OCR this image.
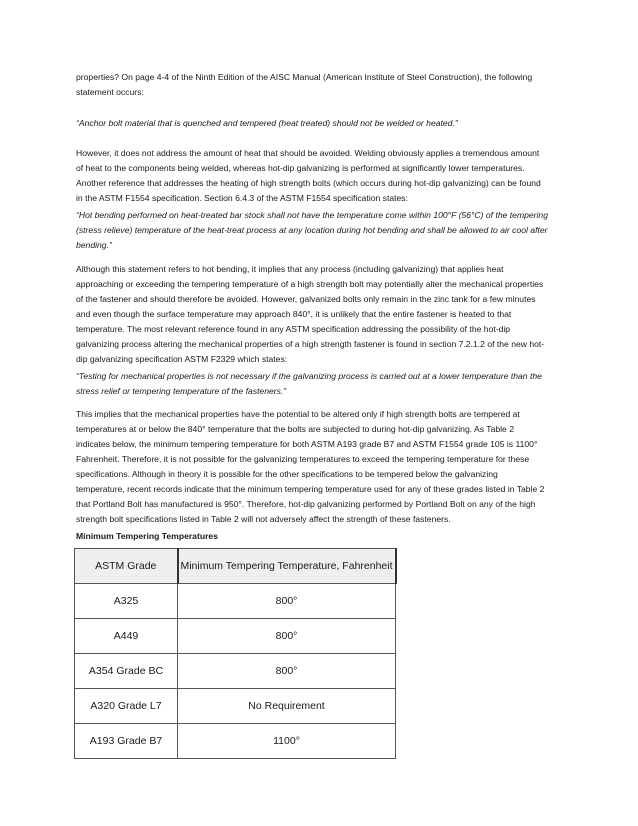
properties? On page 4-4 of the Ninth Edition of the AISC Manual (American Institute of Steel Construction), the following
statement occurs:

“Anchor bolt material that is quenched and tempered (heat treated) should not be welded or heated.”

However, it does not address the amount of heat that should be avoided. Welding obviously applies a tremendous amount
of heat to the components being welded, whereas hot-dip galvanizing is performed at significantly lower temperatures.
Another reference that addresses the heating of high strength bolts (which occurs during hot-dip galvanizing) can be found
in the ASTM F1554 specification. Section 6.4.3 of the ASTM F1554 specification states:

“Hot bending performed on heat-treated bar stock shall not have the temperature come within 100°F (56°C) of the tempering
(stress relieve) temperature of the heat-treat process at any location during hot bending and shall be allowed to air cool after
bending.”

Although this statement refers to hot bending, it implies that any process (including galvanizing) that applies heat
approaching or exceeding the tempering temperature of a high strength bolt may potentially alter the mechanical properties
of the fastener and should therefore be avoided. However, galvanized bolts only remain in the zinc tank for a few minutes
and even though the surface temperature may approach 840°, it is unlikely that the entire fastener is heated to that
temperature. The most relevant reference found in any ASTM specification addressing the possibility of the hot-dip
galvanizing process altering the mechanical properties of a high strength fastener is found in section 7.2.1.2 of the new hot-
dip galvanizing specification ASTM F2329 which states:

“Testing for mechanical properties is not necessary if the galvanizing process is carried out at a lower temperature than the
stress relief or tempering temperature of the fasteners.”

This implies that the mechanical properties have the potential to be altered only if high strength bolts are tempered at
temperatures at or below the 840° temperature that the bolts are subjected to during hot-dip galvanizing. As Table 2
indicates below, the minimum tempering temperature for both ASTM A193 grade B7 and ASTM F1554 grade 105 is 1100°
Fahrenheit. Therefore, it is not possible for the galvanizing temperatures to exceed the tempering temperature for these
specifications. Although in theory it is possible for the other specifications to be tempered below the galvanizing
temperature, recent records indicate that the minimum tempering temperature used for any of these grades listed in Table 2
that Portland Bolt has manufactured is 950°. Therefore, hot-dip galvanizing performed by Portland Bolt on any of the high
strength bolt specifications listed in Table 2 will not adversely affect the strength of these fasteners.

Minimum Tempering Temperatures

ASTM Grade	Minimum Tempering Temperature, Fahrenheit
A325	800°
A449	800°
A354 Grade BC	800°
A320 Grade L7	No Requirement
A193 Grade B7	1100°
